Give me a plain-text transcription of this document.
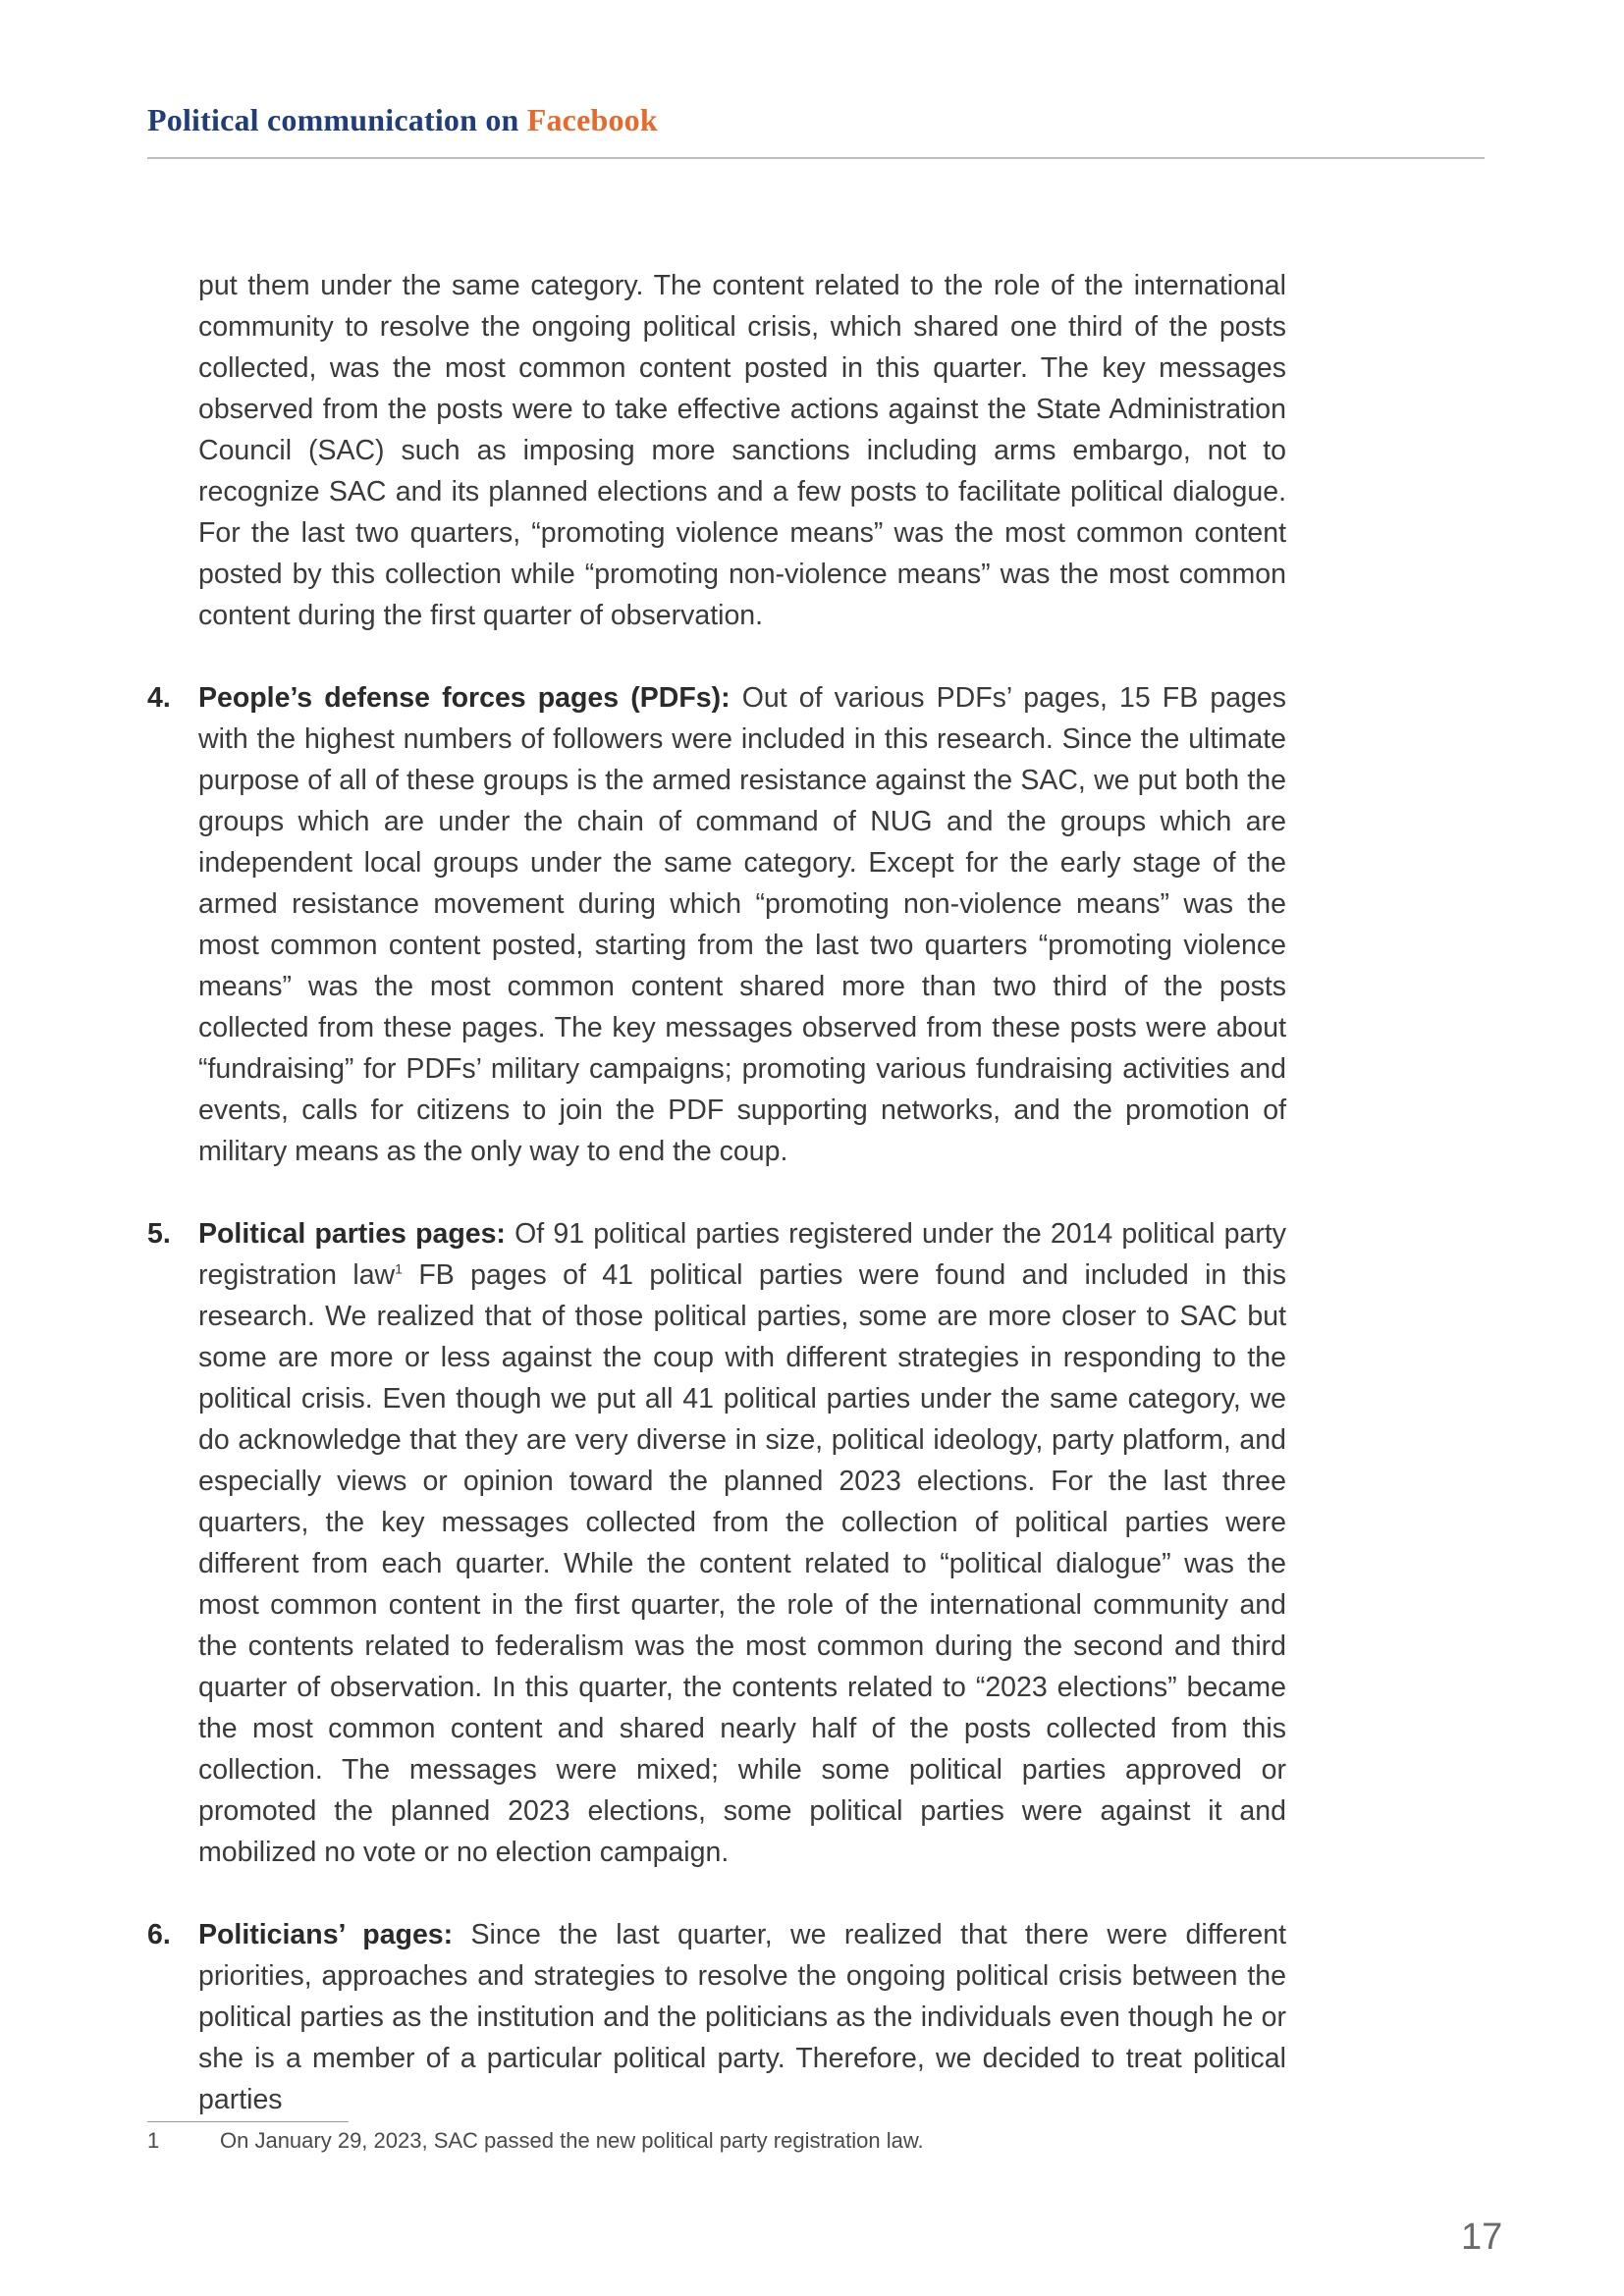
Political communication on Facebook

put them under the same category. The content related to the role of the international community to resolve the ongoing political crisis, which shared one third of the posts collected, was the most common content posted in this quarter. The key messages observed from the posts were to take effective actions against the State Administration Council (SAC) such as imposing more sanctions including arms embargo, not to recognize SAC and its planned elections and a few posts to facilitate political dialogue. For the last two quarters, “promoting violence means” was the most common content posted by this collection while “promoting non-violence means” was the most common content during the first quarter of observation.

4. People’s defense forces pages (PDFs): Out of various PDFs’ pages, 15 FB pages with the highest numbers of followers were included in this research. Since the ultimate purpose of all of these groups is the armed resistance against the SAC, we put both the groups which are under the chain of command of NUG and the groups which are independent local groups under the same category. Except for the early stage of the armed resistance movement during which “promoting non-violence means” was the most common content posted, starting from the last two quarters “promoting violence means” was the most common content shared more than two third of the posts collected from these pages. The key messages observed from these posts were about “fundraising” for PDFs’ military campaigns; promoting various fundraising activities and events, calls for citizens to join the PDF supporting networks, and the promotion of military means as the only way to end the coup.

5. Political parties pages: Of 91 political parties registered under the 2014 political party registration law$^1$ FB pages of 41 political parties were found and included in this research. We realized that of those political parties, some are more closer to SAC but some are more or less against the coup with different strategies in responding to the political crisis. Even though we put all 41 political parties under the same category, we do acknowledge that they are very diverse in size, political ideology, party platform, and especially views or opinion toward the planned 2023 elections. For the last three quarters, the key messages collected from the collection of political parties were different from each quarter. While the content related to “political dialogue” was the most common content in the first quarter, the role of the international community and the contents related to federalism was the most common during the second and third quarter of observation. In this quarter, the contents related to “2023 elections” became the most common content and shared nearly half of the posts collected from this collection. The messages were mixed; while some political parties approved or promoted the planned 2023 elections, some political parties were against it and mobilized no vote or no election campaign.

6. Politicians’ pages: Since the last quarter, we realized that there were different priorities, approaches and strategies to resolve the ongoing political crisis between the political parties as the institution and the politicians as the individuals even though he or she is a member of a particular political party. Therefore, we decided to treat political parties

1	On January 29, 2023, SAC passed the new political party registration law.
17
